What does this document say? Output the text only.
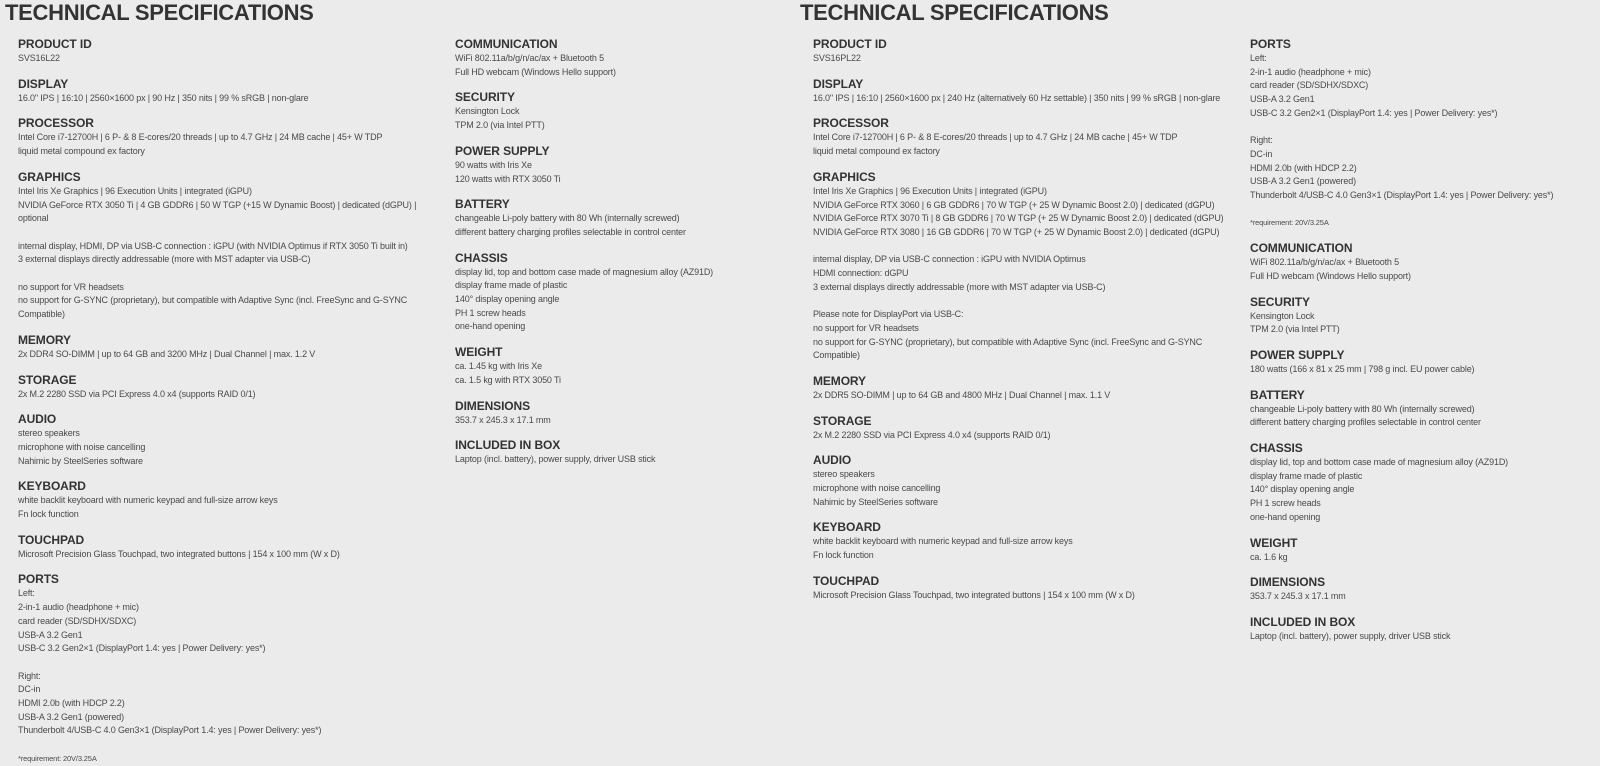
TECHNICAL SPECIFICATIONS
PRODUCT ID
SVS16L22
DISPLAY
16.0" IPS | 16:10 | 2560×1600 px | 90 Hz | 350 nits | 99 % sRGB | non-glare
PROCESSOR
Intel Core i7-12700H | 6 P- & 8 E-cores/20 threads | up to 4.7 GHz | 24 MB cache | 45+ W TDP
liquid metal compound ex factory
GRAPHICS
Intel Iris Xe Graphics | 96 Execution Units | integrated (iGPU)
NVIDIA GeForce RTX 3050 Ti | 4 GB GDDR6 | 50 W TGP (+15 W Dynamic Boost) | dedicated (dGPU) | optional
internal display, HDMI, DP via USB-C connection : iGPU (with NVIDIA Optimus if RTX 3050 Ti built in)
3 external displays directly addressable (more with MST adapter via USB-C)
no support for VR headsets
no support for G-SYNC (proprietary), but compatible with Adaptive Sync (incl. FreeSync and G-SYNC Compatible)
MEMORY
2x DDR4 SO-DIMM | up to 64 GB and 3200 MHz | Dual Channel | max. 1.2 V
STORAGE
2x M.2 2280 SSD via PCI Express 4.0 x4 (supports RAID 0/1)
AUDIO
stereo speakers
microphone with noise cancelling
Nahimic by SteelSeries software
KEYBOARD
white backlit keyboard with numeric keypad and full-size arrow keys
Fn lock function
TOUCHPAD
Microsoft Precision Glass Touchpad, two integrated buttons | 154 x 100 mm (W x D)
PORTS
Left:
2-in-1 audio (headphone + mic)
card reader (SD/SDHX/SDXC)
USB-A 3.2 Gen1
USB-C 3.2 Gen2×1 (DisplayPort 1.4: yes | Power Delivery: yes*)
Right:
DC-in
HDMI 2.0b (with HDCP 2.2)
USB-A 3.2 Gen1 (powered)
Thunderbolt 4/USB-C 4.0 Gen3×1 (DisplayPort 1.4: yes | Power Delivery: yes*)
*requirement: 20V/3.25A
COMMUNICATION
WiFi 802.11a/b/g/n/ac/ax + Bluetooth 5
Full HD webcam (Windows Hello support)
SECURITY
Kensington Lock
TPM 2.0 (via Intel PTT)
POWER SUPPLY
90 watts with Iris Xe
120 watts with RTX 3050 Ti
BATTERY
changeable Li-poly battery with 80 Wh (internally screwed)
different battery charging profiles selectable in control center
CHASSIS
display lid, top and bottom case made of magnesium alloy (AZ91D)
display frame made of plastic
140° display opening angle
PH 1 screw heads
one-hand opening
WEIGHT
ca. 1.45 kg with Iris Xe
ca. 1.5 kg with RTX 3050 Ti
DIMENSIONS
353.7 x 245.3 x 17.1 mm
INCLUDED IN BOX
Laptop (incl. battery), power supply, driver USB stick
TECHNICAL SPECIFICATIONS
PRODUCT ID
SVS16PL22
DISPLAY
16.0" IPS | 16:10 | 2560×1600 px | 240 Hz (alternatively 60 Hz settable) | 350 nits | 99 % sRGB | non-glare
PROCESSOR
Intel Core i7-12700H | 6 P- & 8 E-cores/20 threads | up to 4.7 GHz | 24 MB cache | 45+ W TDP
liquid metal compound ex factory
GRAPHICS
Intel Iris Xe Graphics | 96 Execution Units | integrated (iGPU)
NVIDIA GeForce RTX 3060 | 6 GB GDDR6 | 70 W TGP (+ 25 W Dynamic Boost 2.0) | dedicated (dGPU)
NVIDIA GeForce RTX 3070 Ti | 8 GB GDDR6 | 70 W TGP (+ 25 W Dynamic Boost 2.0) | dedicated (dGPU)
NVIDIA GeForce RTX 3080 | 16 GB GDDR6 | 70 W TGP (+ 25 W Dynamic Boost 2.0) | dedicated (dGPU)
internal display, DP via USB-C connection : iGPU with NVIDIA Optimus
HDMI connection: dGPU
3 external displays directly addressable (more with MST adapter via USB-C)
Please note for DisplayPort via USB-C:
no support for VR headsets
no support for G-SYNC (proprietary), but compatible with Adaptive Sync (incl. FreeSync and G-SYNC Compatible)
MEMORY
2x DDR5 SO-DIMM | up to 64 GB and 4800 MHz | Dual Channel | max. 1.1 V
STORAGE
2x M.2 2280 SSD via PCI Express 4.0 x4 (supports RAID 0/1)
AUDIO
stereo speakers
microphone with noise cancelling
Nahimic by SteelSeries software
KEYBOARD
white backlit keyboard with numeric keypad and full-size arrow keys
Fn lock function
TOUCHPAD
Microsoft Precision Glass Touchpad, two integrated buttons | 154 x 100 mm (W x D)
PORTS
Left:
2-in-1 audio (headphone + mic)
card reader (SD/SDHX/SDXC)
USB-A 3.2 Gen1
USB-C 3.2 Gen2×1 (DisplayPort 1.4: yes | Power Delivery: yes*)
Right:
DC-in
HDMI 2.0b (with HDCP 2.2)
USB-A 3.2 Gen1 (powered)
Thunderbolt 4/USB-C 4.0 Gen3×1 (DisplayPort 1.4: yes | Power Delivery: yes*)
*requirement: 20V/3.25A
COMMUNICATION
WiFi 802.11a/b/g/n/ac/ax + Bluetooth 5
Full HD webcam (Windows Hello support)
SECURITY
Kensington Lock
TPM 2.0 (via Intel PTT)
POWER SUPPLY
180 watts (166 x 81 x 25 mm | 798 g incl. EU power cable)
BATTERY
changeable Li-poly battery with 80 Wh (internally screwed)
different battery charging profiles selectable in control center
CHASSIS
display lid, top and bottom case made of magnesium alloy (AZ91D)
display frame made of plastic
140° display opening angle
PH 1 screw heads
one-hand opening
WEIGHT
ca. 1.6 kg
DIMENSIONS
353.7 x 245.3 x 17.1 mm
INCLUDED IN BOX
Laptop (incl. battery), power supply, driver USB stick
